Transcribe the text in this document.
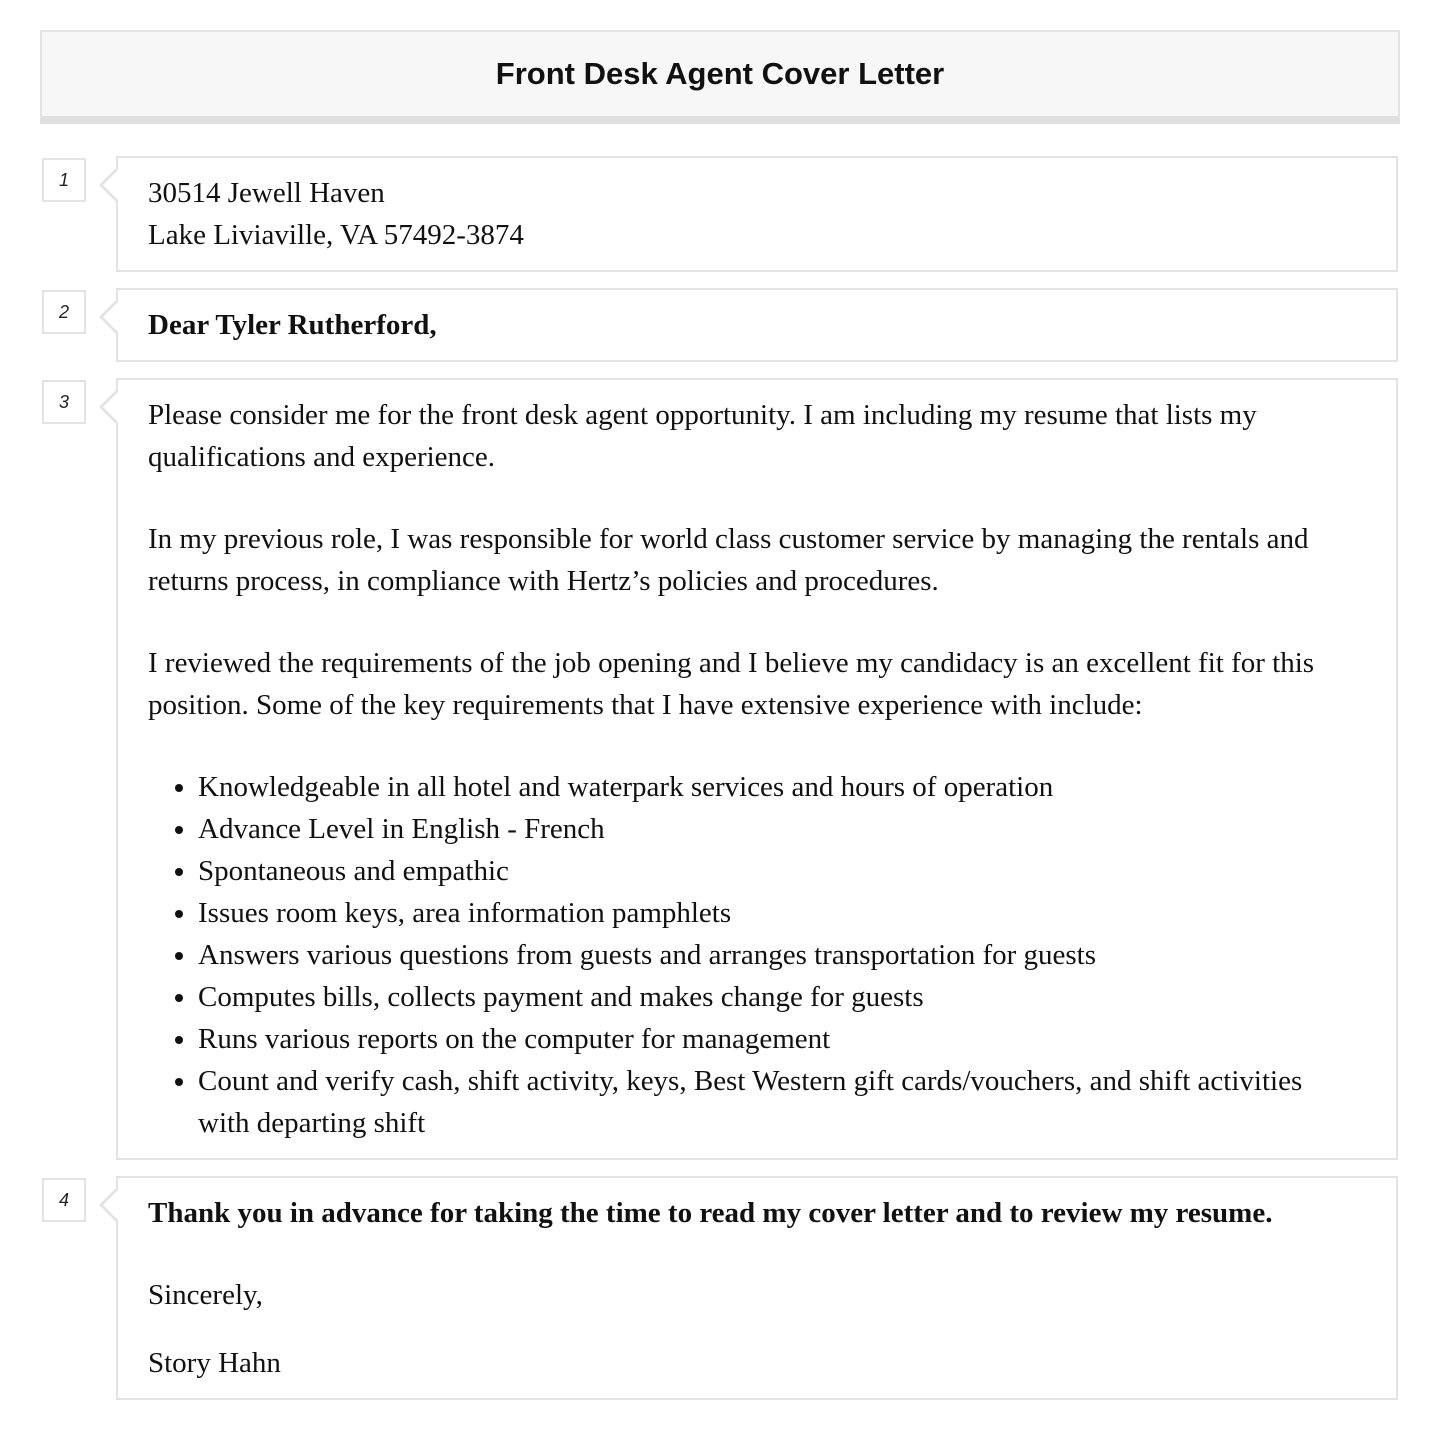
Front Desk Agent Cover Letter
1	30514 Jewell Haven
Lake Liviaville, VA 57492-3874
2	Dear Tyler Rutherford,
3	Please consider me for the front desk agent opportunity. I am including my resume that lists my qualifications and experience.

In my previous role, I was responsible for world class customer service by managing the rentals and returns process, in compliance with Hertz’s policies and procedures.

I reviewed the requirements of the job opening and I believe my candidacy is an excellent fit for this position. Some of the key requirements that I have extensive experience with include:

• Knowledgeable in all hotel and waterpark services and hours of operation
• Advance Level in English - French
• Spontaneous and empathic
• Issues room keys, area information pamphlets
• Answers various questions from guests and arranges transportation for guests
• Computes bills, collects payment and makes change for guests
• Runs various reports on the computer for management
• Count and verify cash, shift activity, keys, Best Western gift cards/vouchers, and shift activities with departing shift
4	Thank you in advance for taking the time to read my cover letter and to review my resume.

Sincerely,

Story Hahn
